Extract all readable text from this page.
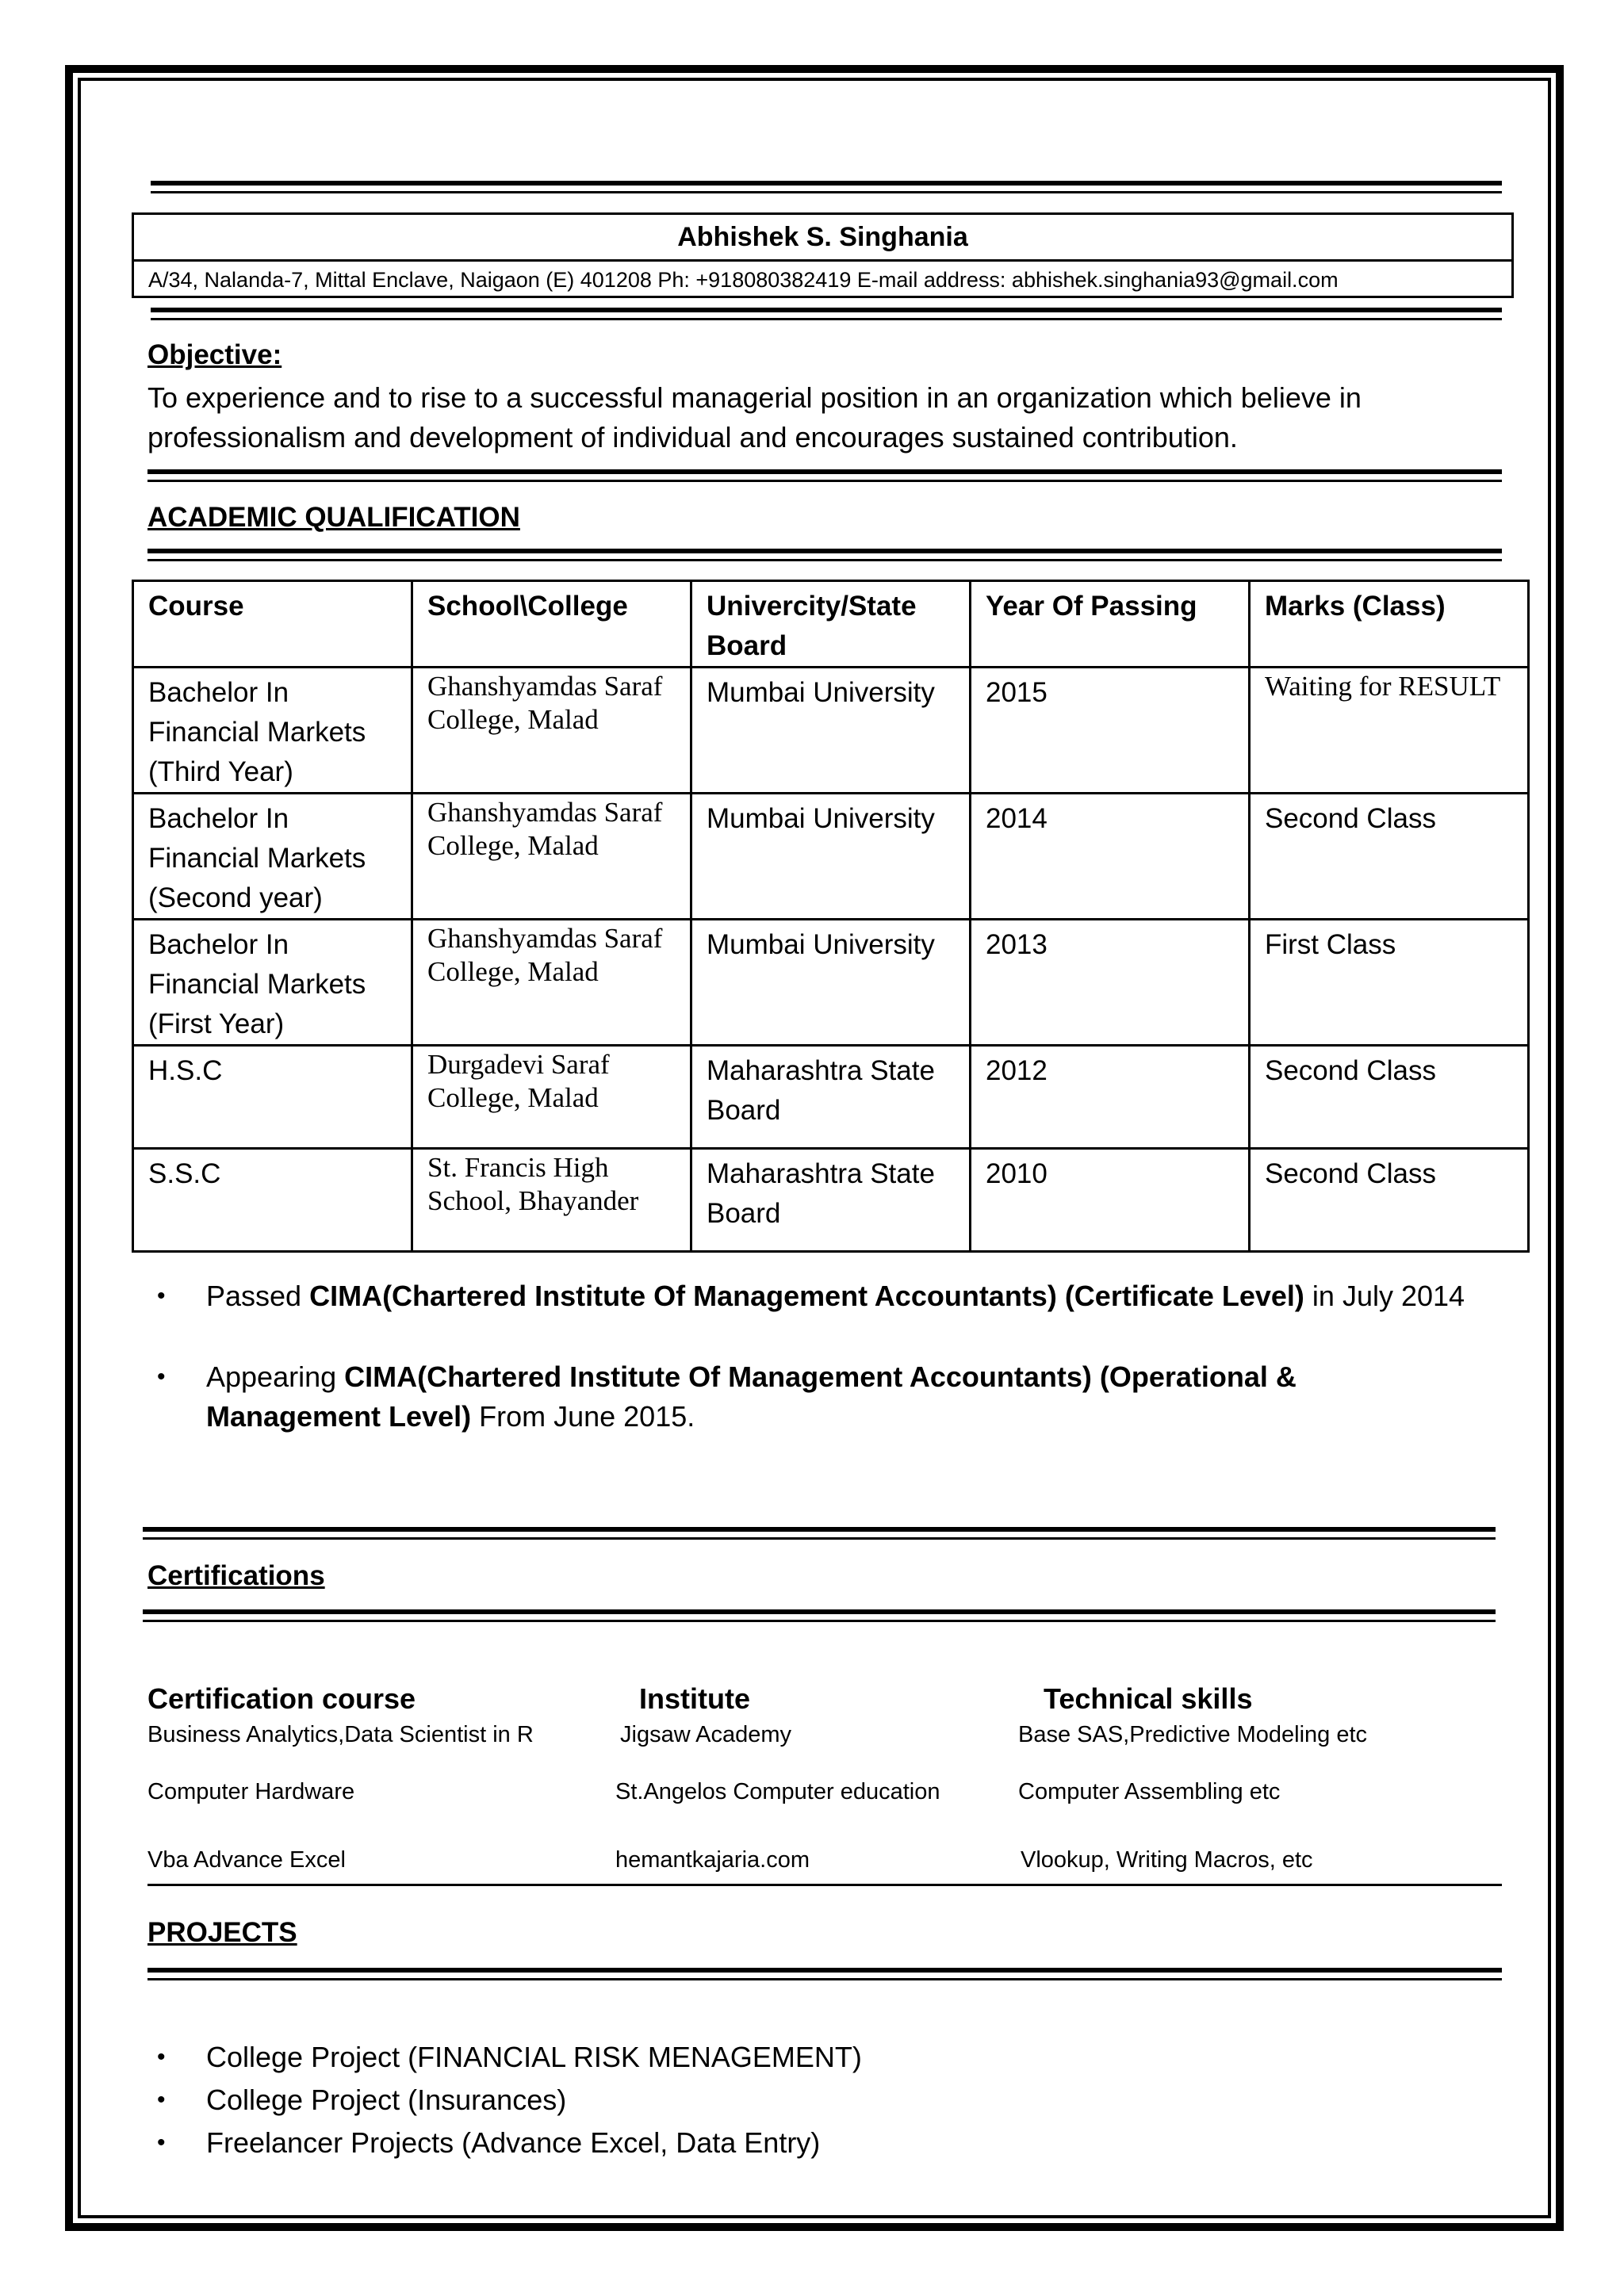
Abhishek S. Singhania
A/34, Nalanda-7, Mittal Enclave, Naigaon (E) 401208 Ph: +918080382419 E-mail address: abhishek.singhania93@gmail.com
Objective:
To experience and to rise to a successful managerial position in an organization which believe in
professionalism and development of individual and encourages sustained contribution.
ACADEMIC QUALIFICATION
Course	School\College	Univercity/State Board	Year Of Passing	Marks (Class)
Bachelor In Financial Markets (Third Year)	Ghanshyamdas Saraf College, Malad	Mumbai University	2015	Waiting for RESULT
Bachelor In Financial Markets (Second year)	Ghanshyamdas Saraf College, Malad	Mumbai University	2014	Second Class
Bachelor In Financial Markets (First Year)	Ghanshyamdas Saraf College, Malad	Mumbai University	2013	First Class
H.S.C	Durgadevi Saraf College, Malad	Maharashtra State Board	2012	Second Class
S.S.C	St. Francis High School, Bhayander	Maharashtra State Board	2010	Second Class
• Passed CIMA(Chartered Institute Of Management Accountants) (Certificate Level) in July 2014
• Appearing CIMA(Chartered Institute Of Management Accountants) (Operational & Management Level) From June 2015.
Certifications
Certification course	Institute	Technical skills
Business Analytics,Data Scientist in R	Jigsaw Academy	Base SAS,Predictive Modeling etc
Computer Hardware	St.Angelos Computer education	Computer Assembling etc
Vba Advance Excel	hemantkajaria.com	Vlookup, Writing Macros, etc
PROJECTS
• College Project (FINANCIAL RISK MENAGEMENT)
• College Project (Insurances)
• Freelancer Projects (Advance Excel, Data Entry)
